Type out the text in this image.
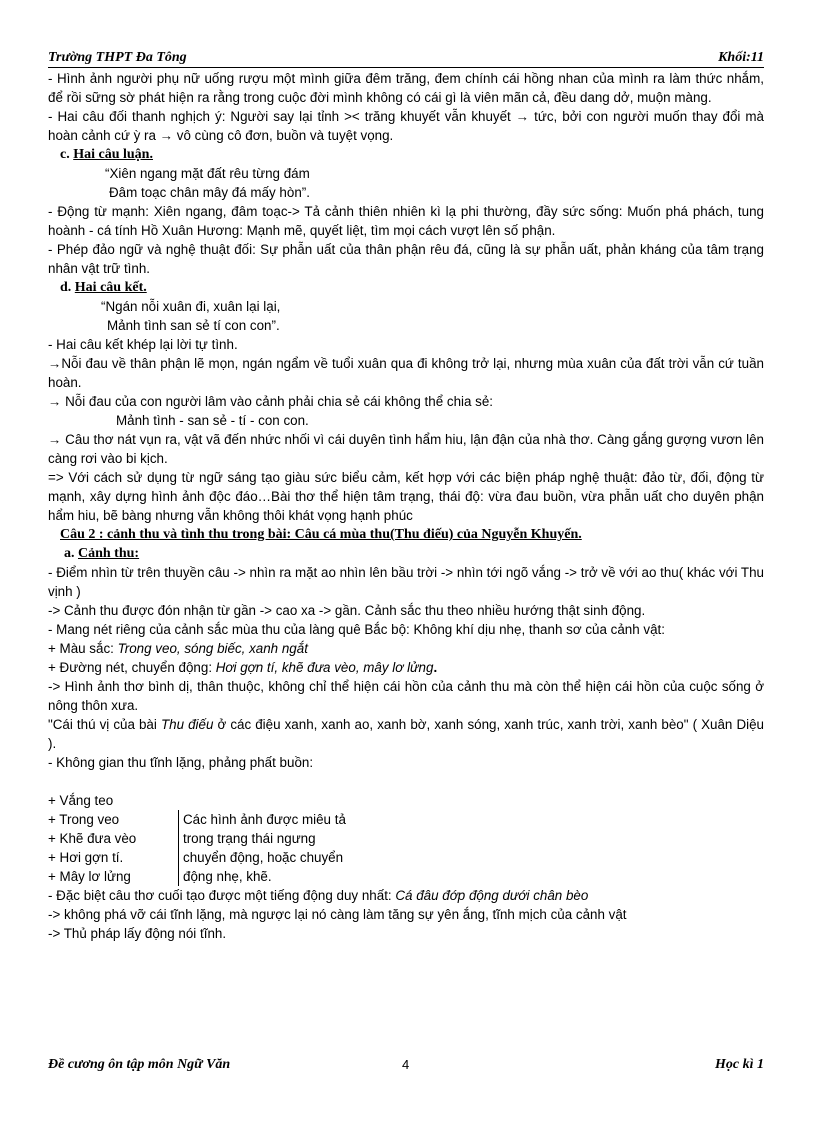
Trường THPT Đa Tông	Khối:11

- Hình ảnh người phụ nữ uống rượu một mình giữa đêm trăng, đem chính cái hồng nhan của mình ra làm thức nhắm, để rồi sững sờ phát hiện ra rằng trong cuộc đời mình không có cái gì là viên mãn cả, đều dang dở, muộn màng.

- Hai câu đối thanh nghịch ý: Người say lại tỉnh >< trăng khuyết vẫn khuyết → tức, bởi con người muốn thay đổi mà hoàn cảnh cứ ỳ ra → vô cùng cô đơn, buồn và tuyệt vọng.

c. Hai câu luận.

“Xiên ngang mặt đất rêu từng đám

Đâm toạc chân mây đá mấy hòn”.

- Động từ mạnh: Xiên ngang, đâm toạc-> Tả cảnh thiên nhiên kì lạ phi thường, đầy sức sống: Muốn phá phách, tung hoành - cá tính Hồ Xuân Hương: Mạnh mẽ, quyết liệt, tìm mọi cách vượt lên số phận.

- Phép đảo ngữ và nghệ thuật đối: Sự phẫn uất của thân phận rêu đá, cũng là sự phẫn uất, phản kháng của tâm trạng nhân vật trữ tình.

d. Hai câu kết.

“Ngán nỗi xuân đi, xuân lại lại,

Mảnh tình san sẻ tí con con”.

- Hai câu kết khép lại lời tự tình.

→Nỗi đau về thân phận lẽ mọn, ngán ngẩm về tuổi xuân qua đi không trở lại, nhưng mùa xuân của đất trời vẫn cứ tuần hoàn.

→ Nỗi đau của con người lâm vào cảnh phải chia sẻ cái không thể chia sẻ:

Mảnh tình - san sẻ - tí - con con.

→ Câu thơ nát vụn ra, vật vã đến nhức nhối vì cái duyên tình hẩm hiu, lận đận của nhà thơ. Càng gắng gượng vươn lên càng rơi vào bi kịch.

=> Với cách sử dụng từ ngữ sáng tạo giàu sức biểu cảm, kết hợp với các biện pháp nghệ thuật: đảo từ, đối, động từ mạnh, xây dựng hình ảnh độc đáo…Bài thơ thể hiện tâm trạng, thái độ: vừa đau buồn, vừa phẫn uất cho duyên phận hẩm hiu, bẽ bàng nhưng vẫn không thôi khát vọng hạnh phúc

Câu 2 : cảnh thu và tình thu trong bài: Câu cá mùa thu(Thu điếu) của Nguyễn Khuyến.

a. Cảnh thu:

- Điểm nhìn từ trên thuyền câu -> nhìn ra mặt ao nhìn lên bầu trời -> nhìn tới ngõ vắng -> trở về với ao thu( khác với Thu vịnh )

-> Cảnh thu được đón nhận từ gần -> cao xa -> gần. Cảnh sắc thu theo nhiều hướng thật sinh động.

- Mang nét riêng của cảnh sắc mùa thu của làng quê Bắc bộ: Không khí dịu nhẹ, thanh sơ của cảnh vật:

+ Màu sắc: Trong veo, sóng biếc, xanh ngắt

+ Đường nét, chuyển động: Hơi gợn tí, khẽ đưa vèo, mây lơ lửng.

-> Hình ảnh thơ bình dị, thân thuộc, không chỉ thể hiện cái hồn của cảnh thu mà còn thể hiện cái hồn của cuộc sống ở nông thôn xưa.

"Cái thú vị của bài Thu điếu ở các điệu xanh, xanh ao, xanh bờ, xanh sóng, xanh trúc, xanh trời, xanh bèo" ( Xuân Diệu ).

- Không gian thu tĩnh lặng, phảng phất buồn:

+ Vắng teo
+ Trong veo	Các hình ảnh được miêu tả
+ Khẽ đưa vèo	trong trạng thái ngưng
+ Hơi gợn tí.	chuyển động, hoặc chuyển
+ Mây lơ lửng	động nhẹ, khẽ.

- Đặc biệt câu thơ cuối tạo được một tiếng động duy nhất: Cá đâu đớp động dưới chân bèo

-> không phá vỡ cái tĩnh lặng, mà ngược lại nó càng làm tăng sự yên ắng, tĩnh mịch của cảnh vật

-> Thủ pháp lấy động nói tĩnh.

Đề cương ôn tập môn Ngữ Văn	4	Học kì 1
